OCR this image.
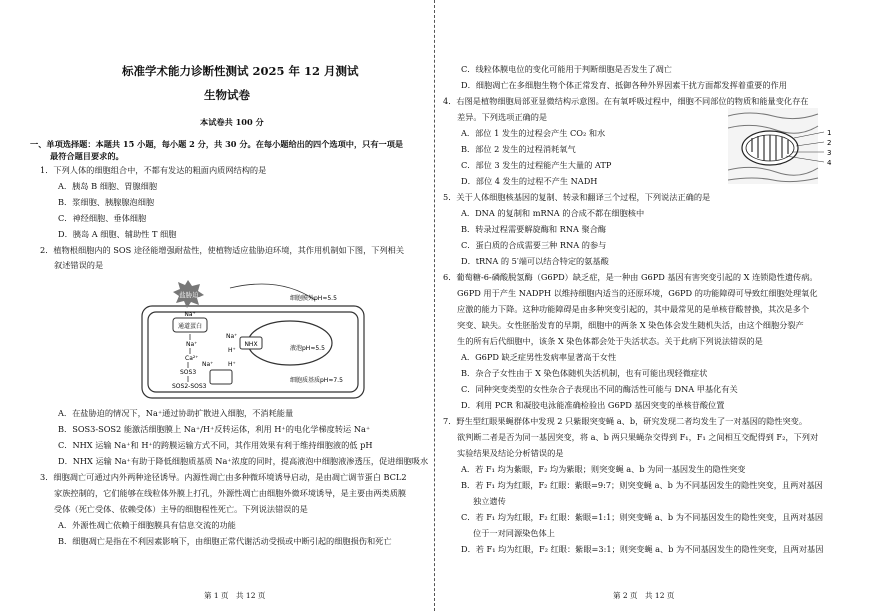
标准学术能力诊断性测试 2025 年 12 月测试
生物试卷
本试卷共 100 分
一、单项选择题：本题共 15 小题，每小题 2 分，共 30 分。在每小题给出的四个选项中，只有一项是
最符合题目要求的。
1．下列人体的细胞组合中，不都有发达的粗面内质网结构的是
A．胰岛 B 细胞、胃腺细胞
B．浆细胞、胰腺腺泡细胞
C．神经细胞、垂体细胞
D．胰岛 A 细胞、辅助性 T 细胞
2．植物根细胞内的 SOS 途径能增强耐盐性，使植物适应盐胁迫环境，其作用机制如下图，下列相关
叙述错误的是
盐胁迫
Na⁺
通道蛋白
Na⁺
Ca²⁺
SOS3
SOS2-SOS3
细胞膜外pH≈5.5
NHX
Na⁺
H⁺	液泡pH≈5.5
Na⁺ H⁺
细胞质基质pH≈7.5
A．在盐胁迫的情况下，Na⁺通过协助扩散进入细胞，不消耗能量
B．SOS3-SOS2 能激活细胞膜上 Na⁺/H⁺反转运体，利用 H⁺的电化学梯度转运 Na⁺
C．NHX 运输 Na⁺和 H⁺的跨膜运输方式不同，其作用效果有利于维持细胞液的低 pH
D．NHX 运输 Na⁺有助于降低细胞质基质 Na⁺浓度的同时，提高液泡中细胞液渗透压，促进细胞吸水
3．细胞凋亡可通过内外两种途径诱导。内源性凋亡由多种微环境诱导启动，是由凋亡调节蛋白 BCL2
家族控制的，它们能够在线粒体外膜上打孔，外源性凋亡由细胞外微环境诱导，是主要由两类质膜
受体（死亡受体、依赖受体）主导的细胞程性死亡。下列说法错误的是
A．外源性凋亡依赖于细胞膜具有信息交流的功能
B．细胞凋亡是指在不利因素影响下，由细胞正常代谢活动受损或中断引起的细胞损伤和死亡
第 1 页　共 12 页
C．线粒体膜电位的变化可能用于判断细胞是否发生了凋亡
D．细胞凋亡在多细胞生物个体正常发育、抵御各种外界因素干扰方面都发挥着重要的作用
4．右图是植物细胞局部亚显微结构示意图。在有氧呼吸过程中，细胞不同部位的物质和能量变化存在
差异。下列选项正确的是
A．部位 1 发生的过程会产生 CO₂ 和水
B．部位 2 发生的过程消耗氧气
C．部位 3 发生的过程能产生大量的 ATP
D．部位 4 发生的过程不产生 NADH
1
2
3
4
5．关于人体细胞核基因的复制、转录和翻译三个过程，下列说法正确的是
A．DNA 的复制和 mRNA 的合成不都在细胞核中
B．转录过程需要解旋酶和 RNA 聚合酶
C．蛋白质的合成需要三种 RNA 的参与
D．tRNA 的 5′端可以结合特定的氨基酸
6．葡萄糖-6-磷酸脱氢酶（G6PD）缺乏症，是一种由 G6PD 基因有害突变引起的 X 连锁隐性遗传病。
G6PD 用于产生 NADPH 以维持细胞内适当的还原环境，G6PD 的功能障碍可导致红细胞处理氧化
应激的能力下降。这种功能障碍是由多种突变引起的，其中最常见的是单核苷酸替换，其次是多个
突变、缺失。女性胚胎发育的早期，细胞中的两条 X 染色体会发生随机失活，由这个细胞分裂产
生的所有后代细胞中，该条 X 染色体都会处于失活状态。关于此病下列说法错误的是
A．G6PD 缺乏症男性发病率显著高于女性
B．杂合子女性由于 X 染色体随机失活机制，也有可能出现轻微症状
C．同种突变类型的女性杂合子表现出不同的酶活性可能与 DNA 甲基化有关
D．利用 PCR 和凝胶电泳能准确检验出 G6PD 基因突变的单核苷酸位置
7．野生型红眼果蝇群体中发现 2 只紫眼突变蝇 a、b，研究发现二者均发生了一对基因的隐性突变。
欲判断二者是否为同一基因突变，将 a、b 两只果蝇杂交得到 F₁，F₁ 之间相互交配得到 F₂，下列对
实验结果及结论分析错误的是
A．若 F₁ 均为紫眼，F₂ 均为紫眼；则突变蝇 a、b 为同一基因发生的隐性突变
B．若 F₁ 均为红眼，F₂ 红眼：紫眼=9:7；则突变蝇 a、b 为不同基因发生的隐性突变，且两对基因
独立遗传
C．若 F₁ 均为红眼，F₂ 红眼：紫眼=1:1；则突变蝇 a、b 为不同基因发生的隐性突变，且两对基因
位于一对同源染色体上
D．若 F₁ 均为红眼，F₂ 红眼：紫眼=3:1；则突变蝇 a、b 为不同基因发生的隐性突变，且两对基因
第 2 页　共 12 页
